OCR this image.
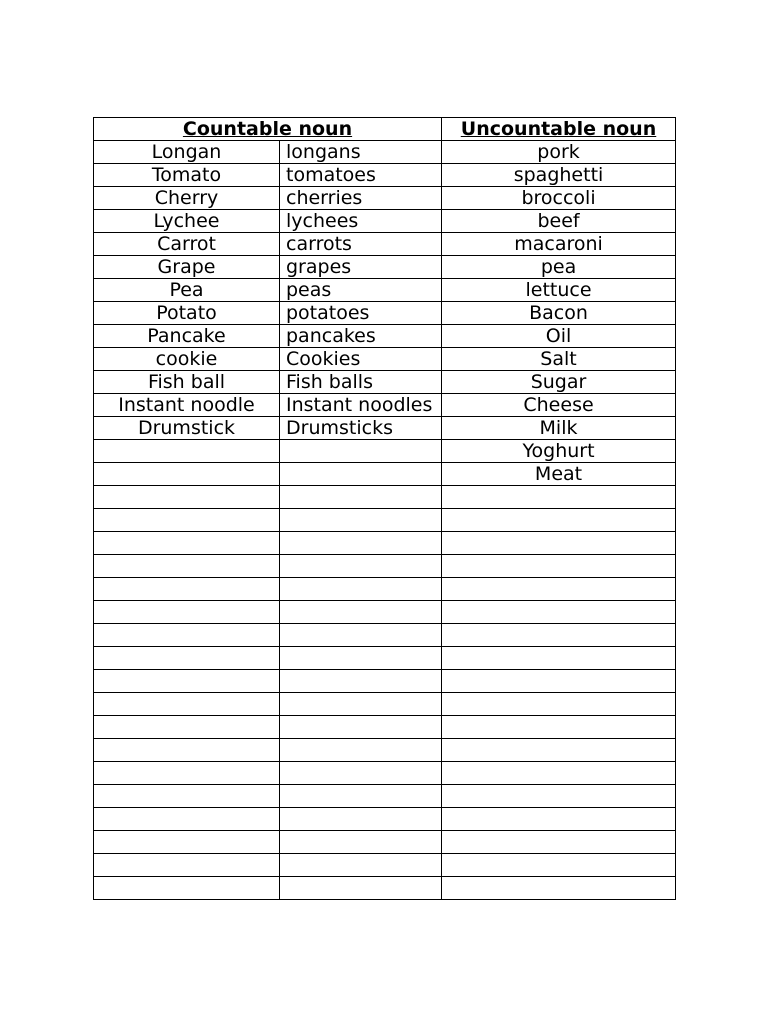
Countable noun		Uncountable noun
Longan	longans	pork
Tomato	tomatoes	spaghetti
Cherry	cherries	broccoli
Lychee	lychees	beef
Carrot	carrots	macaroni
Grape	grapes	pea
Pea	peas	lettuce
Potato	potatoes	Bacon
Pancake	pancakes	Oil
cookie	Cookies	Salt
Fish ball	Fish balls	Sugar
Instant noodle	Instant noodles	Cheese
Drumstick	Drumsticks	Milk
		Yoghurt
		Meat
